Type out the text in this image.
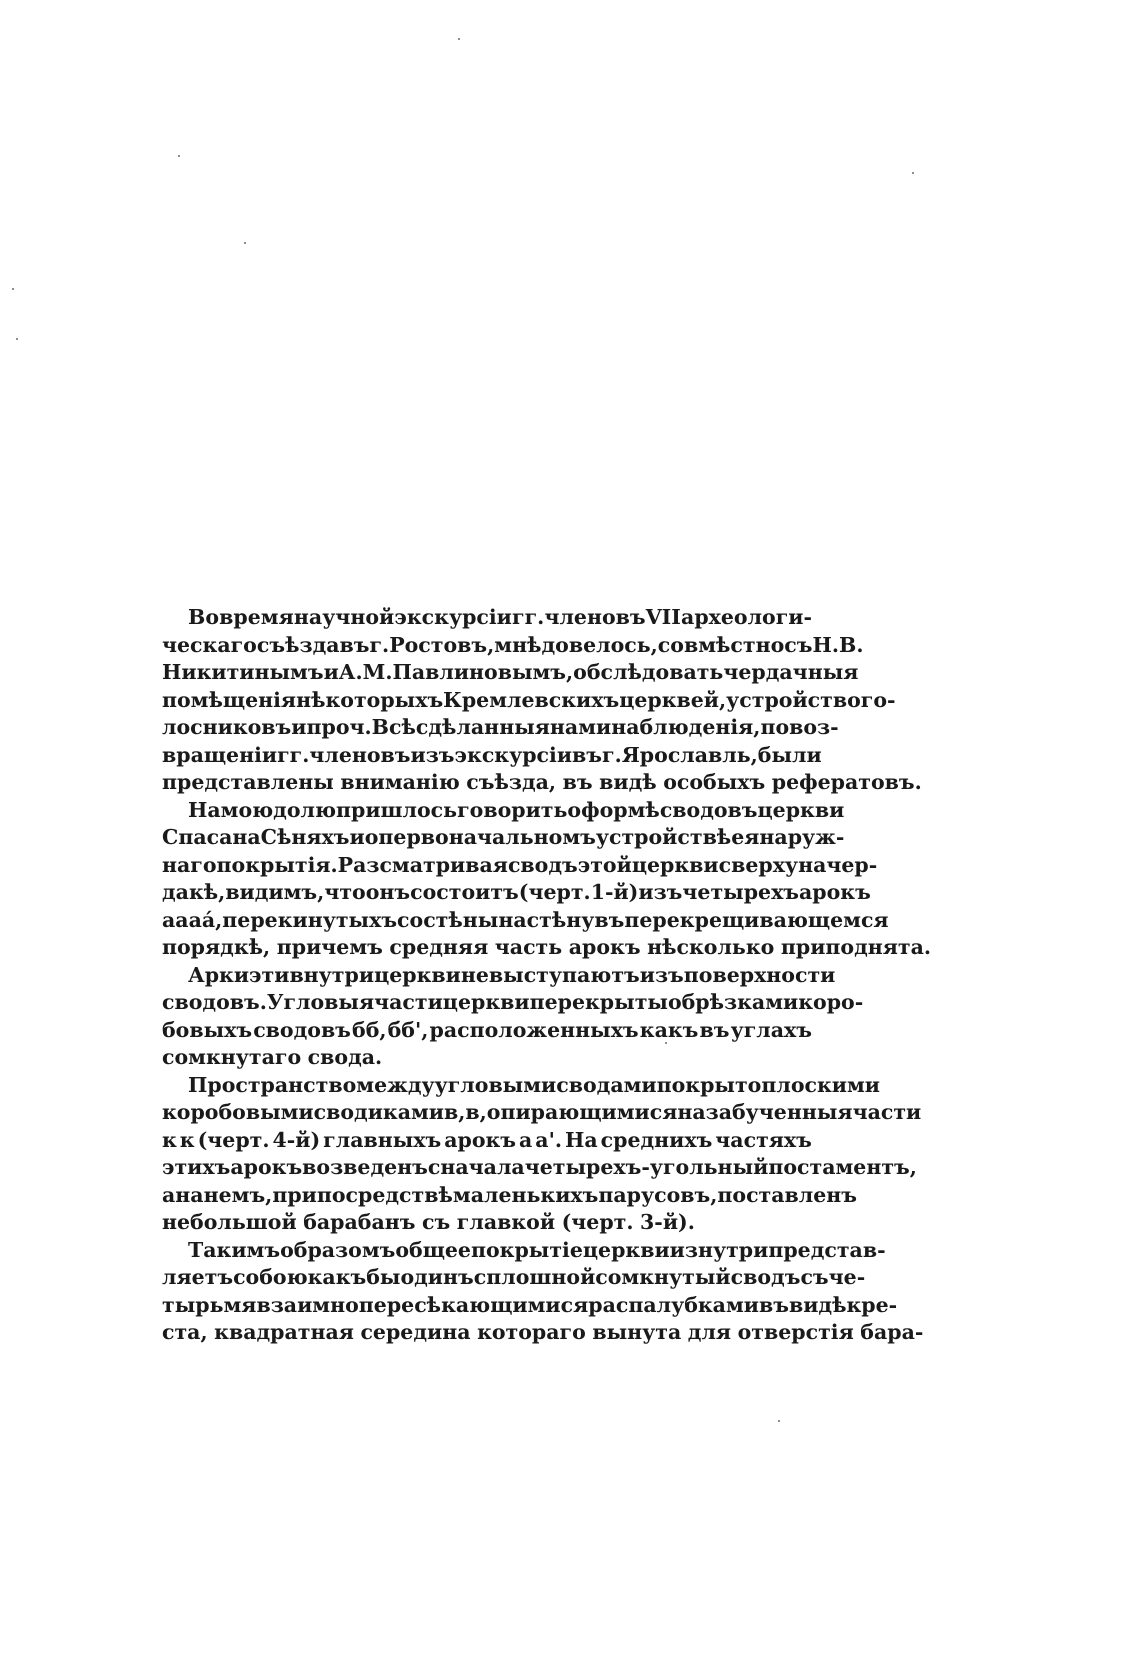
Во время научной экскурсіи гг. членовъ VII археологи-
ческаго съѣзда въ г. Ростовъ, мнѣ довелось, совмѣстно съ Н. В.
Никитинымъ и А. М. Павлиновымъ, обслѣдовать чердачныя
помѣщенія нѣкоторыхъ Кремлевскихъ церквей, устройство го-
лосниковъ и проч. Всѣ сдѣланныя нами наблюденія, по воз-
вращеніи гг. членовъ изъ экскурсіи въ г. Ярославль, были
представлены вниманію съѣзда, въ видѣ особыхъ рефератовъ.
На мою долю пришлось говорить о формѣ сводовъ церкви
Спаса на Сѣняхъ и о первоначальномъ устройствѣ ея наруж-
наго покрытія. Разсматривая сводъ этой церкви сверху на чер-
дакѣ, видимъ, что онъ состоитъ (черт. 1-й) изъ четырехъ арокъ
аааа́, перекинутыхъ со стѣны на стѣну въ перекрещивающемся
порядкѣ, причемъ средняя часть арокъ нѣсколько приподнята.
Арки эти внутри церкви не выступаютъ изъ поверхности
сводовъ. Угловыя части церкви перекрыты обрѣзками коро-
бовыхъ сводовъ бб, б́б', расположенныхъ какъ въ углахъ
сомкнутаго свода.
Пространство между угловыми сводами покрыто плоскими
коробовыми сводиками в, в, опирающимися на забученныя части
к к (черт. 4-й) главныхъ арокъ а а'. На среднихъ частяхъ
этихъ арокъ возведенъ сначала четырехъ-угольный постаментъ,
а на немъ, при посредствѣ маленькихъ парусовъ, поставленъ
небольшой барабанъ съ главкой (черт. 3-й).
Такимъ образомъ общее покрытіе церкви изнутри представ-
ляетъ собою какъ бы одинъ сплошной сомкнутый сводъ съ че-
тырьмя взаимно пересѣкающимися распалубками въ видѣ кре-
ста, квадратная середина котораго вынута для отверстія бара-
